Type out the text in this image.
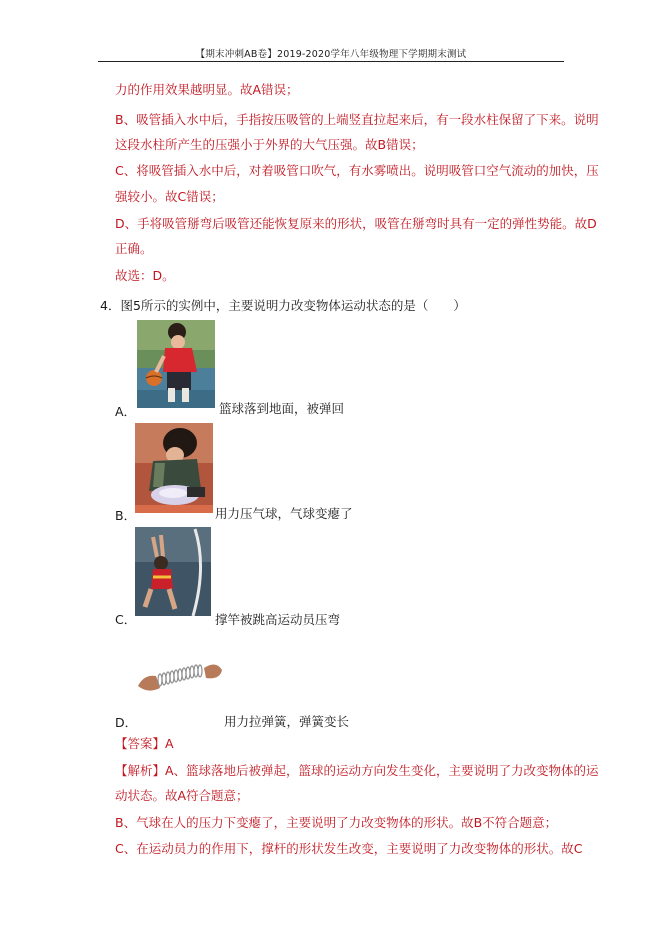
【期末冲刺AB卷】2019-2020学年八年级物理下学期期末测试
力的作用效果越明显。故A错误；
B、吸管插入水中后，手指按压吸管的上端竖直拉起来后，有一段水柱保留了下来。说明
这段水柱所产生的压强小于外界的大气压强。故B错误；
C、将吸管插入水中后，对着吸管口吹气，有水雾喷出。说明吸管口空气流动的加快，压
强较小。故C错误；
D、手将吸管掰弯后吸管还能恢复原来的形状，吸管在掰弯时具有一定的弹性势能。故D
正确。
故选：D。
4．图5所示的实例中，主要说明力改变物体运动状态的是（　　）
A．	篮球落到地面，被弹回
B．	用力压气球，气球变瘪了
C．	撑竿被跳高运动员压弯
D．	用力拉弹簧，弹簧变长
【答案】A
【解析】A、篮球落地后被弹起，篮球的运动方向发生变化，主要说明了力改变物体的运
动状态。故A符合题意；
B、气球在人的压力下变瘪了，主要说明了力改变物体的形状。故B不符合题意；
C、在运动员力的作用下，撑杆的形状发生改变，主要说明了力改变物体的形状。故C
